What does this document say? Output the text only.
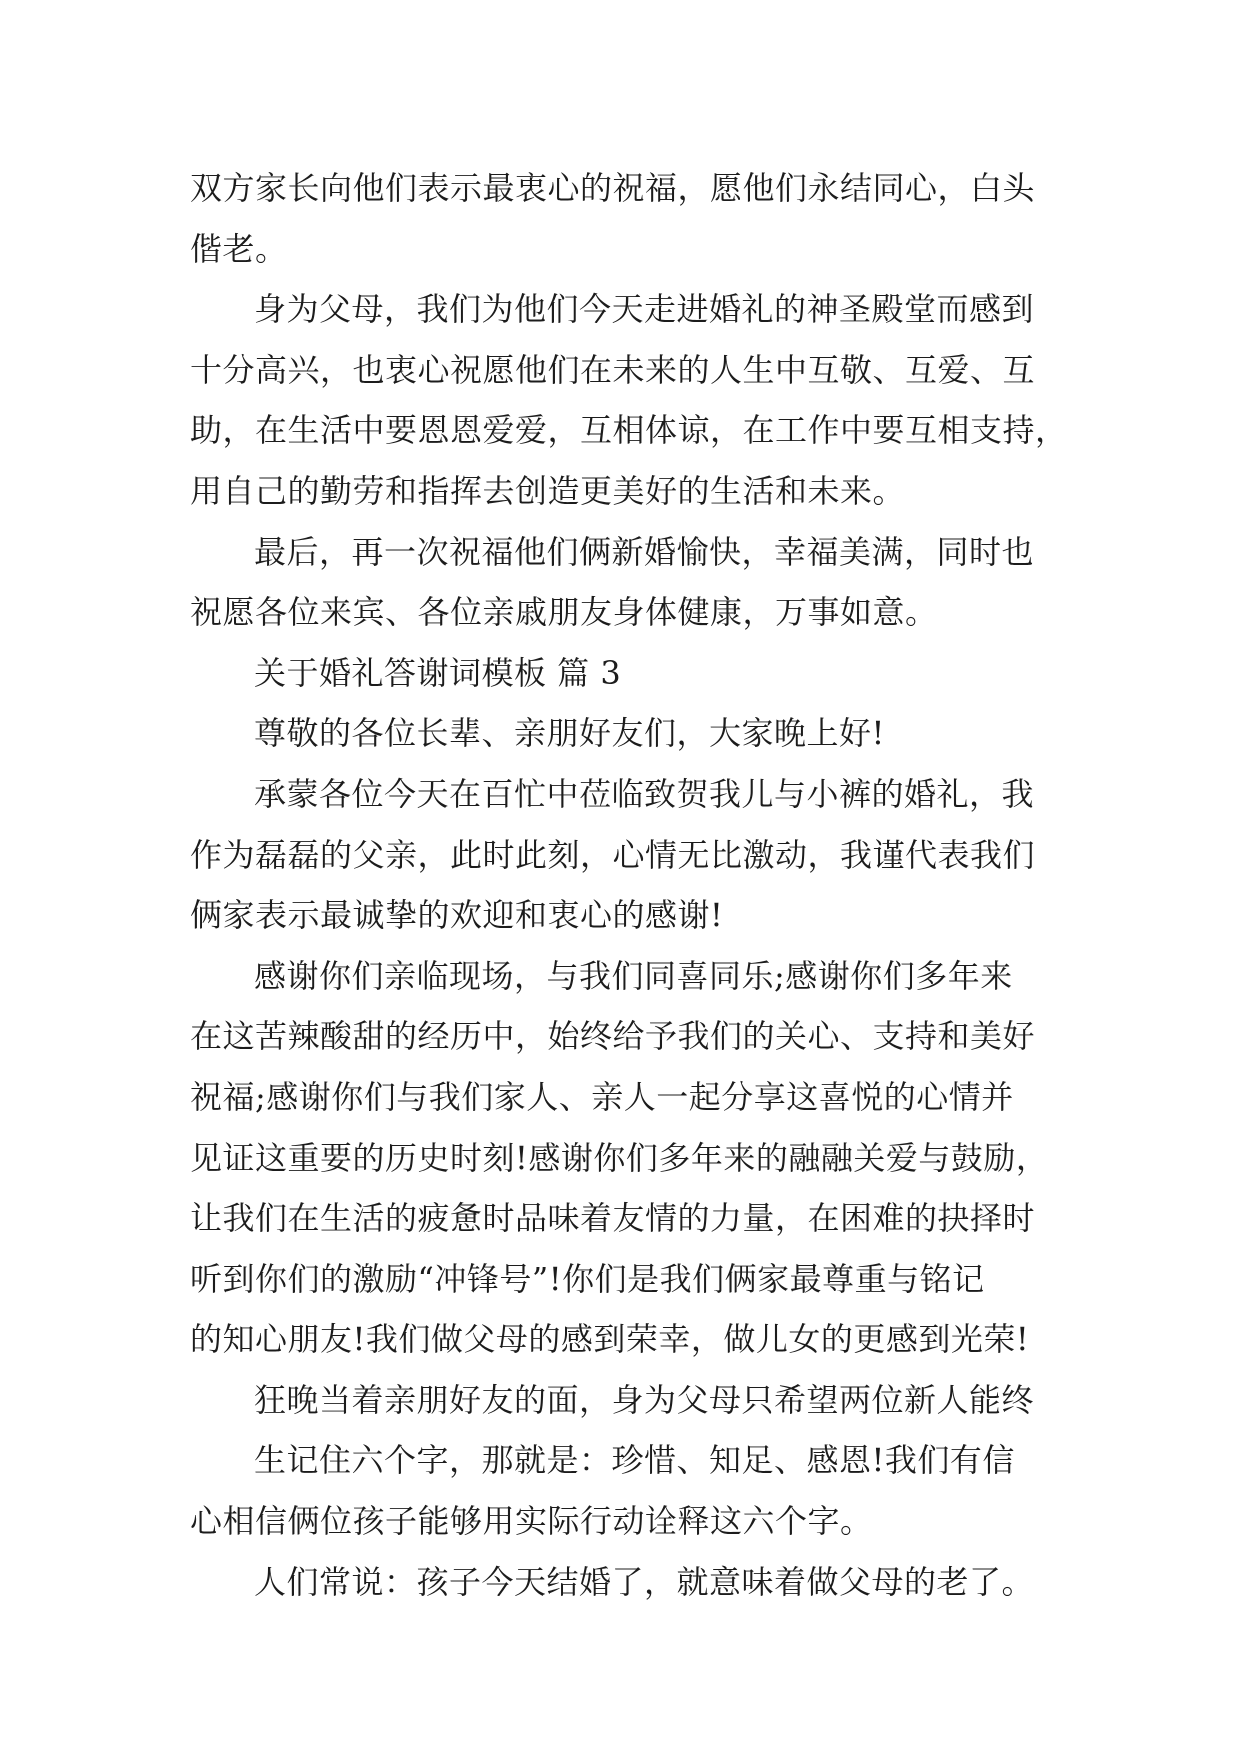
双方家长向他们表示最衷心的祝福，愿他们永结同心，白头
偕老。
身为父母，我们为他们今天走进婚礼的神圣殿堂而感到
十分高兴，也衷心祝愿他们在未来的人生中互敬、互爱、互
助，在生活中要恩恩爱爱，互相体谅，在工作中要互相支持，
用自己的勤劳和指挥去创造更美好的生活和未来。
最后，再一次祝福他们俩新婚愉快，幸福美满，同时也
祝愿各位来宾、各位亲戚朋友身体健康，万事如意。
关于婚礼答谢词模板 篇 3
尊敬的各位长辈、亲朋好友们，大家晚上好!
承蒙各位今天在百忙中莅临致贺我儿与小裤的婚礼，我
作为磊磊的父亲，此时此刻，心情无比激动，我谨代表我们
俩家表示最诚挚的欢迎和衷心的感谢!
感谢你们亲临现场，与我们同喜同乐;感谢你们多年来
在这苦辣酸甜的经历中，始终给予我们的关心、支持和美好
祝福;感谢你们与我们家人、亲人一起分享这喜悦的心情并
见证这重要的历史时刻!感谢你们多年来的融融关爱与鼓励，
让我们在生活的疲惫时品味着友情的力量，在困难的抉择时
听到你们的激励“冲锋号”!你们是我们俩家最尊重与铭记
的知心朋友!我们做父母的感到荣幸，做儿女的更感到光荣!
狂晚当着亲朋好友的面，身为父母只希望两位新人能终
生记住六个字，那就是：珍惜、知足、感恩!我们有信
心相信俩位孩子能够用实际行动诠释这六个字。
人们常说：孩子今天结婚了，就意味着做父母的老了。
